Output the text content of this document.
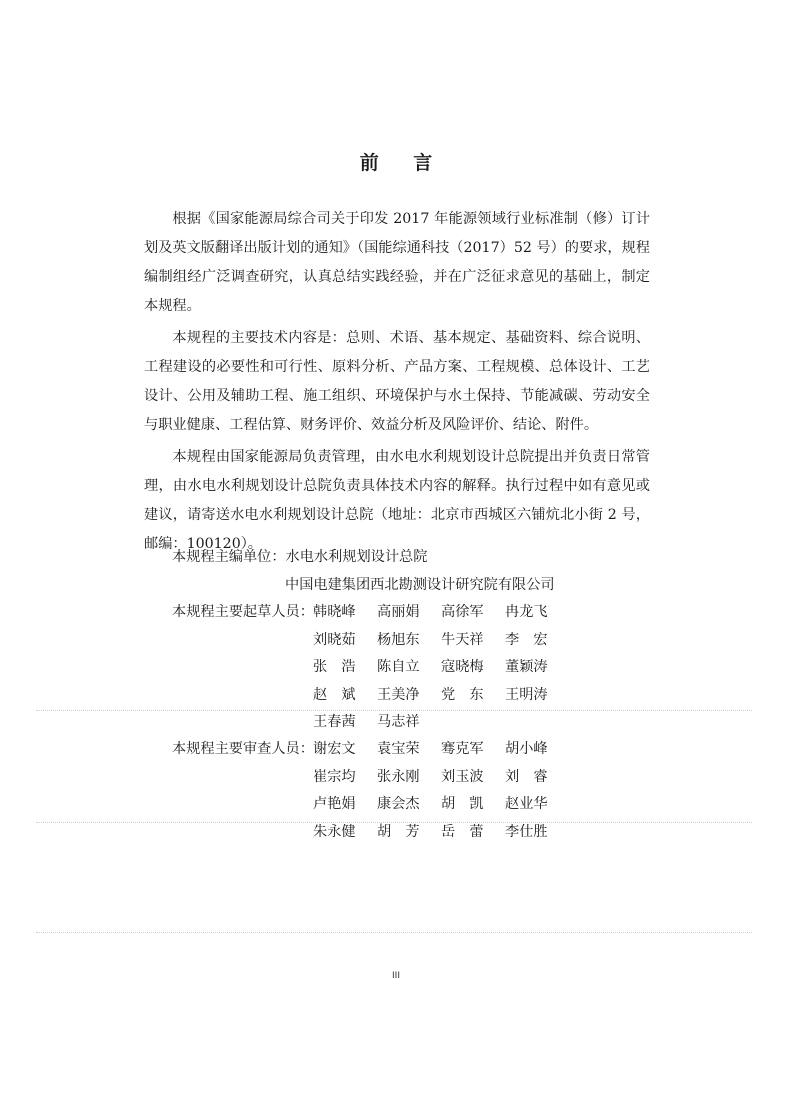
前 言

根据《国家能源局综合司关于印发 2017 年能源领域行业标准制（修）订计划及英文版翻译出版计划的通知》（国能综通科技（2017）52 号）的要求，规程编制组经广泛调查研究，认真总结实践经验，并在广泛征求意见的基础上，制定本规程。

本规程的主要技术内容是：总则、术语、基本规定、基础资料、综合说明、工程建设的必要性和可行性、原料分析、产品方案、工程规模、总体设计、工艺设计、公用及辅助工程、施工组织、环境保护与水土保持、节能减碳、劳动安全与职业健康、工程估算、财务评价、效益分析及风险评价、结论、附件。

本规程由国家能源局负责管理，由水电水利规划设计总院提出并负责日常管理，由水电水利规划设计总院负责具体技术内容的解释。执行过程中如有意见或建议，请寄送水电水利规划设计总院（地址：北京市西城区六铺炕北小街 2 号，邮编：100120）。

本规程主编单位： 水电水利规划设计总院
中国电建集团西北勘测设计研究院有限公司
本规程主要起草人员： 韩晓峰	高丽娟	高徐军	冉龙飞
刘晓茹	杨旭东	牛天祥	李　宏
张　浩	陈自立	寇晓梅	董颖涛
赵　斌	王美净	党　东	王明涛
王春茜	马志祥
本规程主要审查人员： 谢宏文	袁宝荣	骞克军	胡小峰
崔宗均	张永刚	刘玉波	刘　睿
卢艳娟	康会杰	胡　凯	赵业华
朱永健	胡　芳	岳　蕾	李仕胜
III
